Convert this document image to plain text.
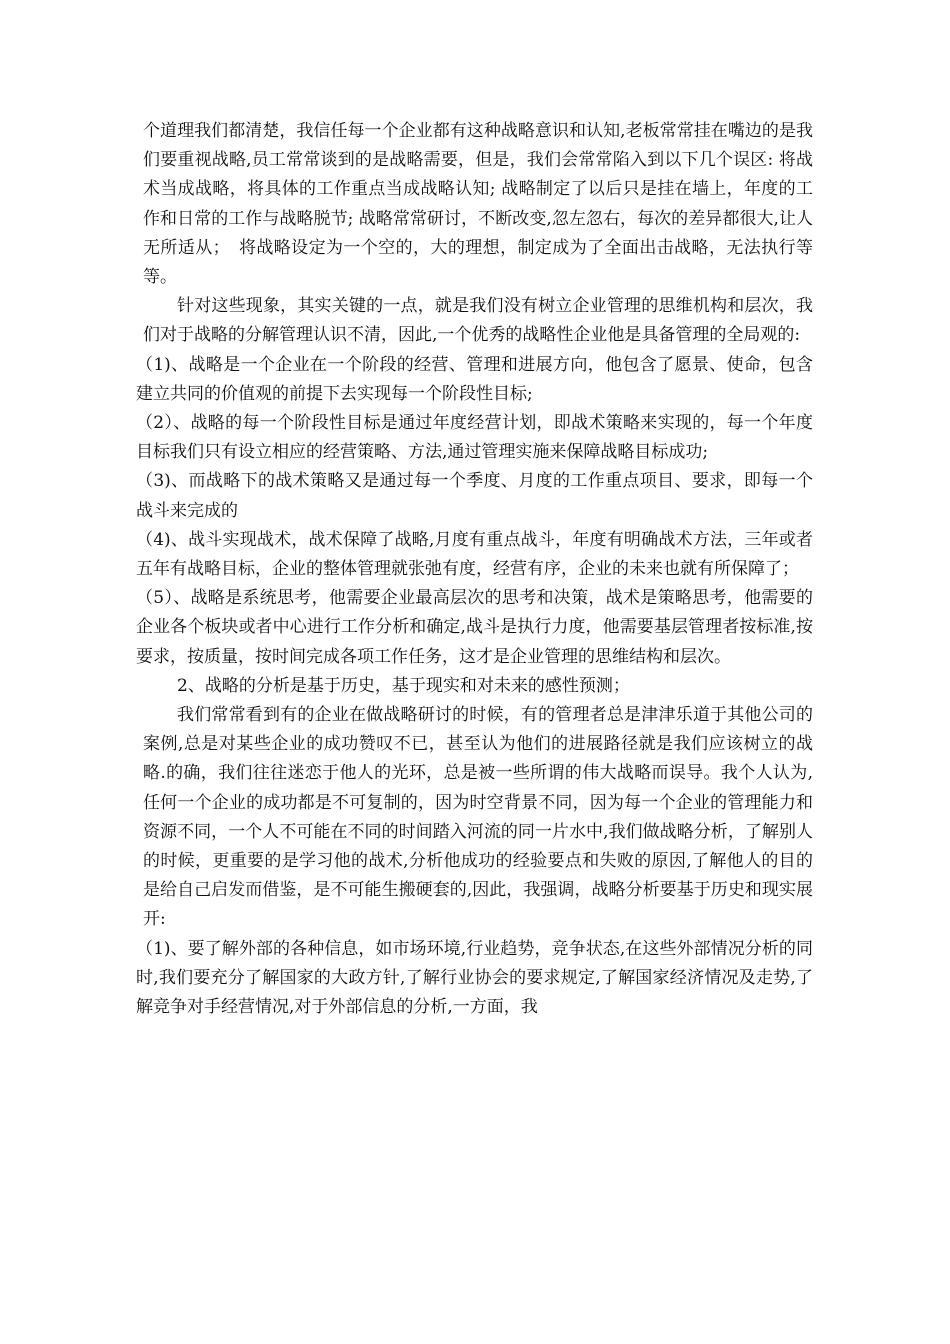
个道理我们都清楚，我信任每一个企业都有这种战略意识和认知,老板常常挂在嘴边的是我们要重视战略,员工常常谈到的是战略需要，但是，我们会常常陷入到以下几个误区: 将战术当成战略，将具体的工作重点当成战略认知; 战略制定了以后只是挂在墙上，年度的工作和日常的工作与战略脱节; 战略常常研讨，不断改变,忽左忽右，每次的差异都很大,让人无所适从；　将战略设定为一个空的，大的理想，制定成为了全面出击战略，无法执行等等。

针对这些现象，其实关键的一点，就是我们没有树立企业管理的思维机构和层次，我们对于战略的分解管理认识不清，因此,一个优秀的战略性企业他是具备管理的全局观的:

（1)、战略是一个企业在一个阶段的经营、管理和进展方向，他包含了愿景、使命，包含建立共同的价值观的前提下去实现每一个阶段性目标;

（2）、战略的每一个阶段性目标是通过年度经营计划，即战术策略来实现的，每一个年度目标我们只有设立相应的经营策略、方法,通过管理实施来保障战略目标成功;

（3)、而战略下的战术策略又是通过每一个季度、月度的工作重点项目、要求，即每一个战斗来完成的

（4)、战斗实现战术，战术保障了战略,月度有重点战斗，年度有明确战术方法，三年或者五年有战略目标，企业的整体管理就张弛有度，经营有序，企业的未来也就有所保障了；

（5）、战略是系统思考，他需要企业最高层次的思考和决策，战术是策略思考，他需要的企业各个板块或者中心进行工作分析和确定,战斗是执行力度，他需要基层管理者按标准,按要求，按质量，按时间完成各项工作任务，这才是企业管理的思维结构和层次。

2、战略的分析是基于历史，基于现实和对未来的感性预测；

我们常常看到有的企业在做战略研讨的时候，有的管理者总是津津乐道于其他公司的案例,总是对某些企业的成功赞叹不已，甚至认为他们的进展路径就是我们应该树立的战略.的确，我们往往迷恋于他人的光环，总是被一些所谓的伟大战略而误导。我个人认为,任何一个企业的成功都是不可复制的，因为时空背景不同，因为每一个企业的管理能力和资源不同，一个人不可能在不同的时间踏入河流的同一片水中,我们做战略分析，了解别人的时候，更重要的是学习他的战术,分析他成功的经验要点和失败的原因,了解他人的目的是给自己启发而借鉴，是不可能生搬硬套的,因此，我强调，战略分析要基于历史和现实展开:

（1)、要了解外部的各种信息，如市场环境,行业趋势，竞争状态,在这些外部情况分析的同时,我们要充分了解国家的大政方针,了解行业协会的要求规定,了解国家经济情况及走势,了解竞争对手经营情况,对于外部信息的分析,一方面，我
